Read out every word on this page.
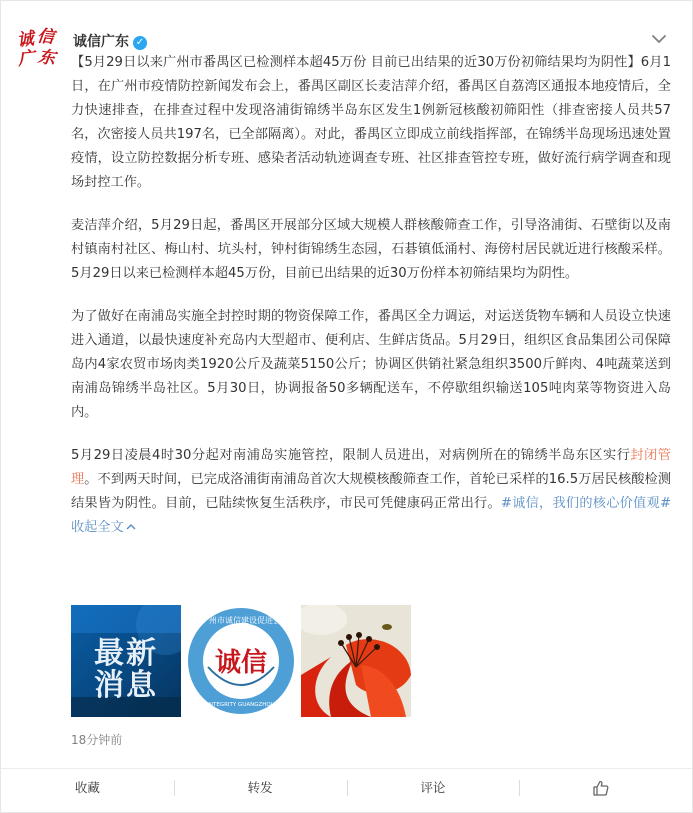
诚 信
广 东
诚信广东 ✓

【5月29日以来广州市番禺区已检测样本超45万份 目前已出结果的近30万份初筛结果均为阴性】6月1日，在广州市疫情防控新闻发布会上，番禺区副区长麦洁萍介绍，番禺区自荔湾区通报本地疫情后，全力快速排查，在排查过程中发现洛浦街锦绣半岛东区发生1例新冠核酸初筛阳性（排查密接人员共57名，次密接人员共197名，已全部隔离）。对此，番禺区立即成立前线指挥部，在锦绣半岛现场迅速处置疫情，设立防控数据分析专班、感染者活动轨迹调查专班、社区排查管控专班，做好流行病学调查和现场封控工作。

麦洁萍介绍，5月29日起，番禺区开展部分区域大规模人群核酸筛查工作，引导洛浦街、石壁街以及南村镇南村社区、梅山村、坑头村，钟村街锦绣生态园，石碁镇低涌村、海傍村居民就近进行核酸采样。5月29日以来已检测样本超45万份，目前已出结果的近30万份样本初筛结果均为阴性。

为了做好在南浦岛实施全封控时期的物资保障工作，番禺区全力调运，对运送货物车辆和人员设立快速进入通道，以最快速度补充岛内大型超市、便利店、生鲜店货品。5月29日，组织区食品集团公司保障岛内4家农贸市场肉类1920公斤及蔬菜5150公斤；协调区供销社紧急组织3500斤鲜肉、4吨蔬菜送到南浦岛锦绣半岛社区。5月30日，协调报备50多辆配送车，不停歇组织输送105吨肉菜等物资进入岛内。

5月29日凌晨4时30分起对南浦岛实施管控，限制人员进出，对病例所在的锦绣半岛东区实行封闭管理。不到两天时间，已完成洛浦街南浦岛首次大规模核酸筛查工作，首轮已采样的16.5万居民核酸检测结果皆为阴性。目前，已陆续恢复生活秩序，市民可凭健康码正常出行。#诚信，我们的核心价值观# 收起全文

最新
消息
广州市诚信建设促进会
诚信
INTEGRITY GUANGZHOU
18分钟前
收藏	转发	评论
